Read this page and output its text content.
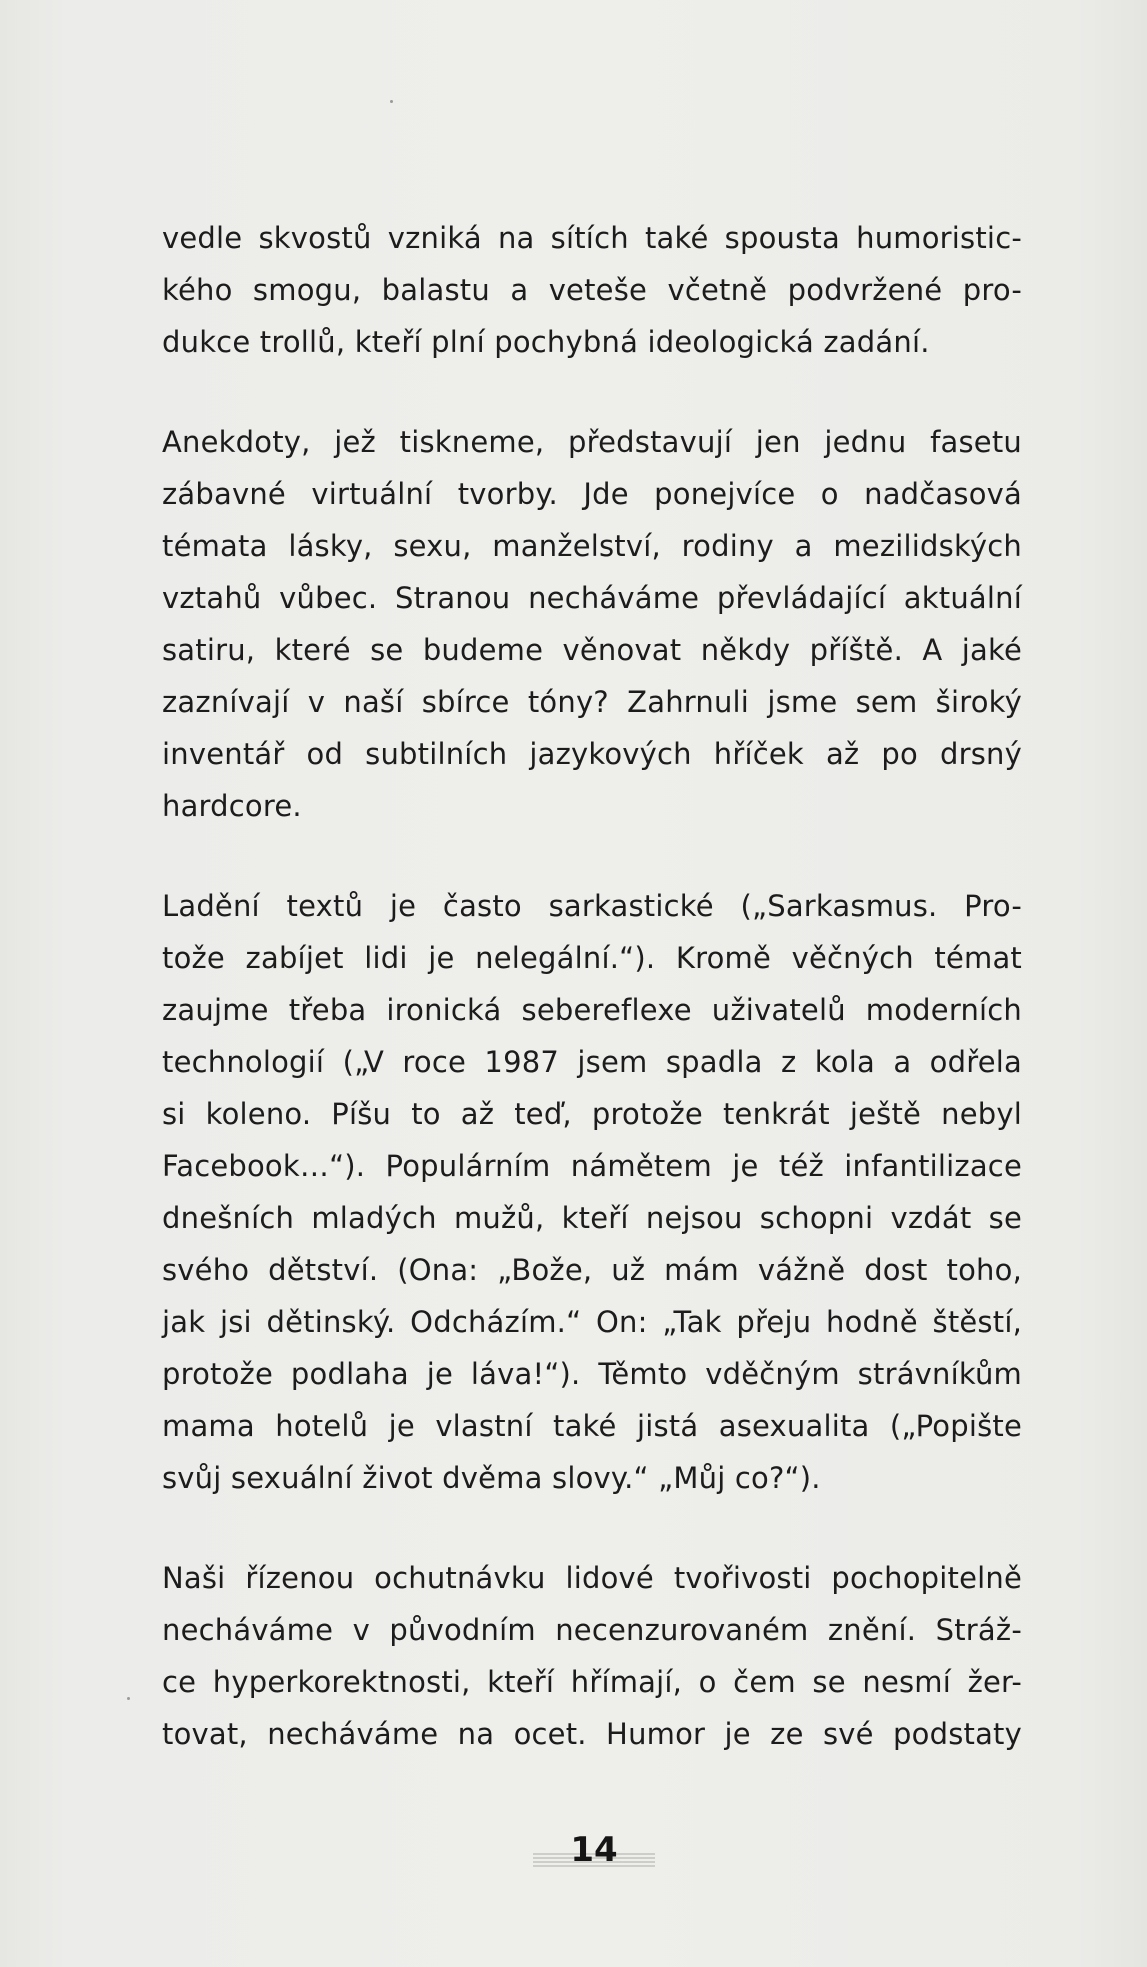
vedle skvostů vzniká na sítích také spousta humoristic-
kého smogu, balastu a veteše včetně podvržené pro-
dukce trollů, kteří plní pochybná ideologická zadání.
Anekdoty, jež tiskneme, představují jen jednu fasetu
zábavné virtuální tvorby. Jde ponejvíce o nadčasová
témata lásky, sexu, manželství, rodiny a mezilidských
vztahů vůbec. Stranou necháváme převládající aktuální
satiru, které se budeme věnovat někdy příště. A jaké
zaznívají v naší sbírce tóny? Zahrnuli jsme sem široký
inventář od subtilních jazykových hříček až po drsný
hardcore.
Ladění textů je často sarkastické („Sarkasmus. Pro-
tože zabíjet lidi je nelegální.“). Kromě věčných témat
zaujme třeba ironická sebereflexe uživatelů moderních
technologií („V roce 1987 jsem spadla z kola a odřela
si koleno. Píšu to až teď, protože tenkrát ještě nebyl
Facebook…“). Populárním námětem je též infantilizace
dnešních mladých mužů, kteří nejsou schopni vzdát se
svého dětství. (Ona: „Bože, už mám vážně dost toho,
jak jsi dětinský. Odcházím.“ On: „Tak přeju hodně štěstí,
protože podlaha je láva!“). Těmto vděčným strávníkům
mama hotelů je vlastní také jistá asexualita („Popište
svůj sexuální život dvěma slovy.“ „Můj co?“).
Naši řízenou ochutnávku lidové tvořivosti pochopitelně
necháváme v původním necenzurovaném znění. Stráž-
ce hyperkorektnosti, kteří hřímají, o čem se nesmí žer-
tovat, necháváme na ocet. Humor je ze své podstaty
14
